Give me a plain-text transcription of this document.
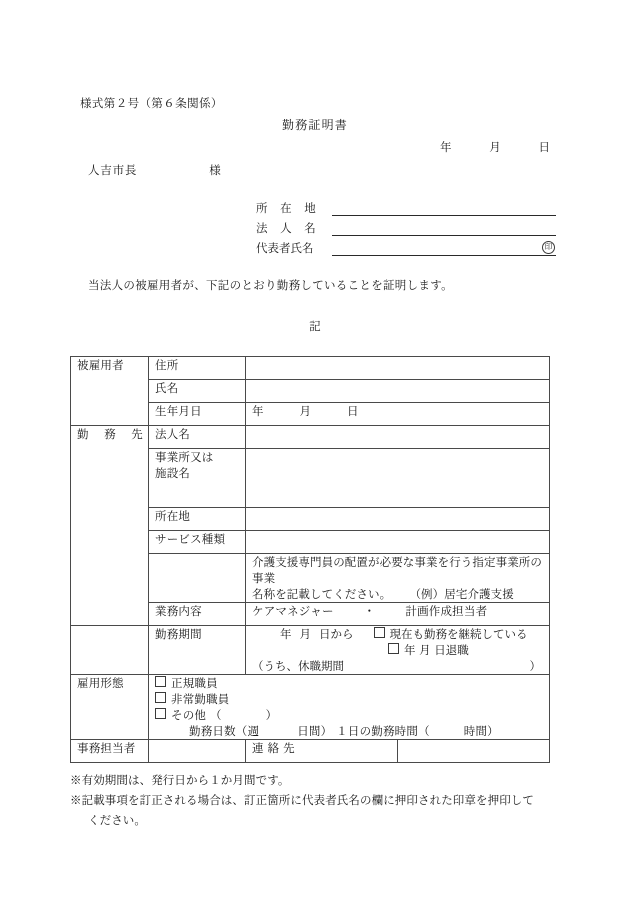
様式第２号（第６条関係）
勤務証明書
年	月	日
人吉市長	様
所 在 地
法 人 名
代表者氏名	印
当法人の被雇用者が、下記のとおり勤務していることを証明します。
記
被雇用者	住所		
	氏名		
	生年月日	年 月 日	
勤 務 先	法人名		

	事業所又は
施設名		

	所在地		
	サービス種類		

		介護支援専門員の配置が必要な事業を行う指定事業所の事業
名称を記載してください。 （例）居宅介護支援	

	業務内容	ケアマネジャー ・ 計画作成担当者	
	勤務期間	年 月 日から 現在も勤務を継続している
年 月 日退職
（うち、休職期間 ）	

雇用形態	正規職員
非常勤職員
その他 （ ）
勤務日数（週 日間） １日の勤務時間（ 時間）		

事務担当者		連 絡 先	
※有効期間は、発行日から１か月間です。
※記載事項を訂正される場合は、訂正箇所に代表者氏名の欄に押印された印章を押印して
ください。
